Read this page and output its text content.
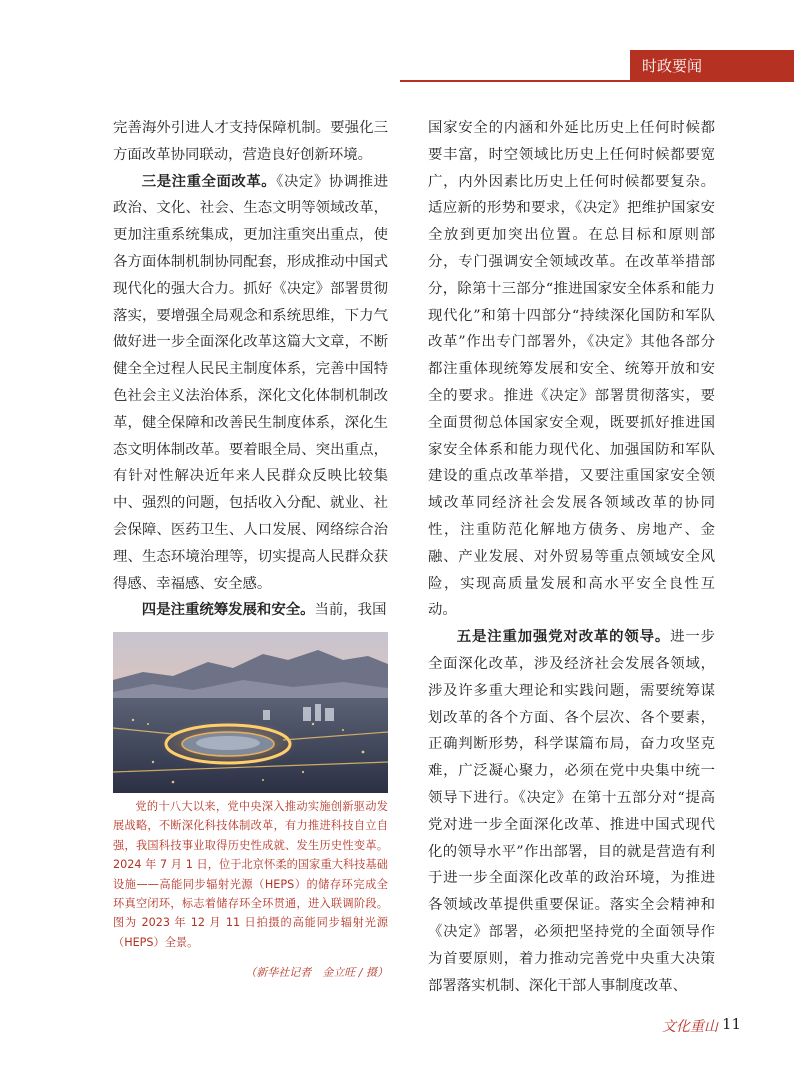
时政要闻

完善海外引进人才支持保障机制。要强化三方面改革协同联动，营造良好创新环境。

三是注重全面改革。《决定》协调推进政治、文化、社会、生态文明等领域改革，更加注重系统集成，更加注重突出重点，使各方面体制机制协同配套，形成推动中国式现代化的强大合力。抓好《决定》部署贯彻落实，要增强全局观念和系统思维，下力气做好进一步全面深化改革这篇大文章，不断健全全过程人民民主制度体系，完善中国特色社会主义法治体系，深化文化体制机制改革，健全保障和改善民生制度体系，深化生态文明体制改革。要着眼全局、突出重点，有针对性解决近年来人民群众反映比较集中、强烈的问题，包括收入分配、就业、社会保障、医药卫生、人口发展、网络综合治理、生态环境治理等，切实提高人民群众获得感、幸福感、安全感。

四是注重统筹发展和安全。当前，我国

党的十八大以来，党中央深入推动实施创新驱动发展战略，不断深化科技体制改革，有力推进科技自立自强，我国科技事业取得历史性成就、发生历史性变革。2024 年 7 月 1 日，位于北京怀柔的国家重大科技基础设施——高能同步辐射光源（HEPS）的储存环完成全环真空闭环，标志着储存环全环贯通，进入联调阶段。图为 2023 年 12 月 11 日拍摄的高能同步辐射光源（HEPS）全景。
（新华社记者　金立旺 / 摄）

国家安全的内涵和外延比历史上任何时候都要丰富，时空领域比历史上任何时候都要宽广，内外因素比历史上任何时候都要复杂。适应新的形势和要求，《决定》把维护国家安全放到更加突出位置。在总目标和原则部分，专门强调安全领域改革。在改革举措部分，除第十三部分“推进国家安全体系和能力现代化”和第十四部分“持续深化国防和军队改革”作出专门部署外，《决定》其他各部分都注重体现统筹发展和安全、统筹开放和安全的要求。推进《决定》部署贯彻落实，要全面贯彻总体国家安全观，既要抓好推进国家安全体系和能力现代化、加强国防和军队建设的重点改革举措，又要注重国家安全领域改革同经济社会发展各领域改革的协同性，注重防范化解地方债务、房地产、金融、产业发展、对外贸易等重点领域安全风险，实现高质量发展和高水平安全良性互动。

五是注重加强党对改革的领导。进一步全面深化改革，涉及经济社会发展各领域，涉及许多重大理论和实践问题，需要统筹谋划改革的各个方面、各个层次、各个要素，正确判断形势，科学谋篇布局，奋力攻坚克难，广泛凝心聚力，必须在党中央集中统一领导下进行。《决定》在第十五部分对“提高党对进一步全面深化改革、推进中国式现代化的领导水平”作出部署，目的就是营造有利于进一步全面深化改革的政治环境，为推进各领域改革提供重要保证。落实全会精神和《决定》部署，必须把坚持党的全面领导作为首要原则，着力推动完善党中央重大决策部署落实机制、深化干部人事制度改革、

文化重山 11
